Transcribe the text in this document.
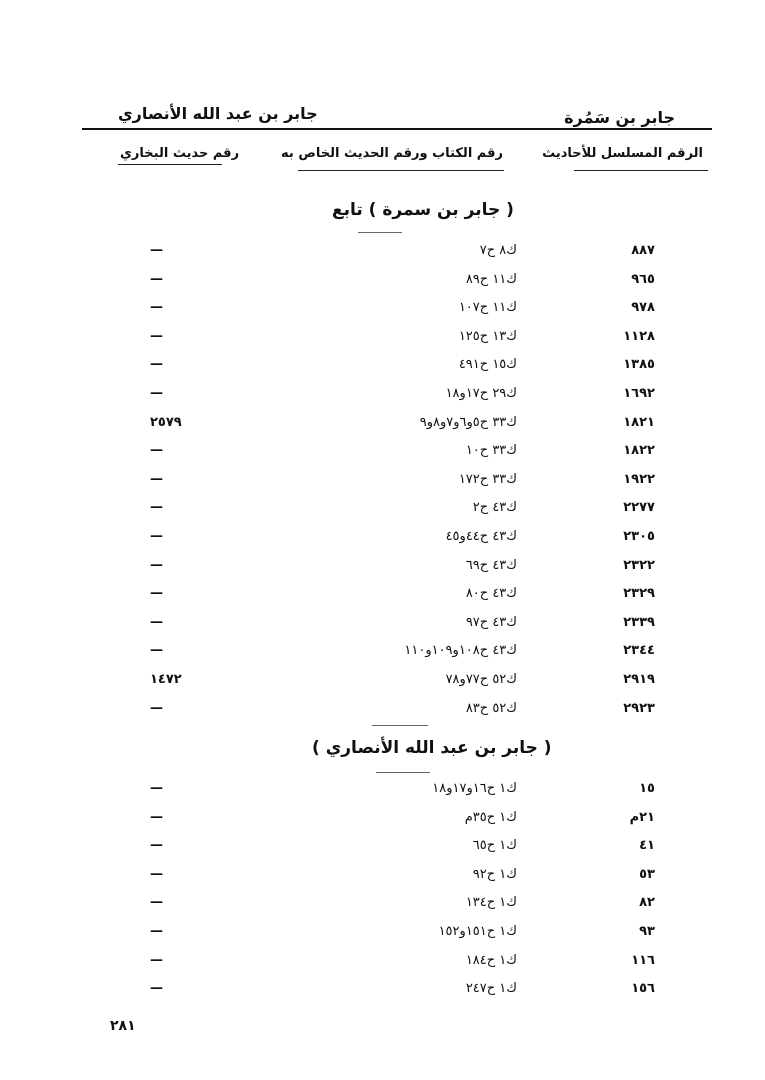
جابر بن سَمُرة
جابر بن عبد الله الأنصاري
الرقم المسلسل للأحاديث
رقم الكتاب ورقم الحديث الخاص به
رقم حديث البخاري
( جابر بن سمرة ) تابع
٨٨٧
ك٨ ح٧
—
٩٦٥
ك١١ ح٨٩
—
٩٧٨
ك١١ ح١٠٧
—
١١٢٨
ك١٣ ح١٢٥
—
١٣٨٥
ك١٥ ح٤٩١
—
١٦٩٢
ك٢٩ ح١٧و١٨
—
١٨٢١
ك٣٣ ح٥و٦و٧و٨و٩
٢٥٧٩
١٨٢٢
ك٣٣ ح١٠
—
١٩٢٢
ك٣٣ ح١٧٢
—
٢٢٧٧
ك٤٣ ح٢
—
٢٣٠٥
ك٤٣ ح٤٤و٤٥
—
٢٣٢٢
ك٤٣ ح٦٩
—
٢٣٢٩
ك٤٣ ح٨٠
—
٢٣٣٩
ك٤٣ ح٩٧
—
٢٣٤٤
ك٤٣ ح١٠٨و١٠٩و١١٠
—
٢٩١٩
ك٥٢ ح٧٧و٧٨
١٤٧٢
٢٩٢٣
ك٥٢ ح٨٣
—
( جابر بن عبد الله الأنصاري )
١٥
ك١ ح١٦و١٧و١٨
—
٢١م
ك١ ح٣٥م
—
٤١
ك١ ح٦٥
—
٥٣
ك١ ح٩٢
—
٨٢
ك١ ح١٣٤
—
٩٣
ك١ ح١٥١و١٥٢
—
١١٦
ك١ ح١٨٤
—
١٥٦
ك١ ح٢٤٧
—
٢٨١
